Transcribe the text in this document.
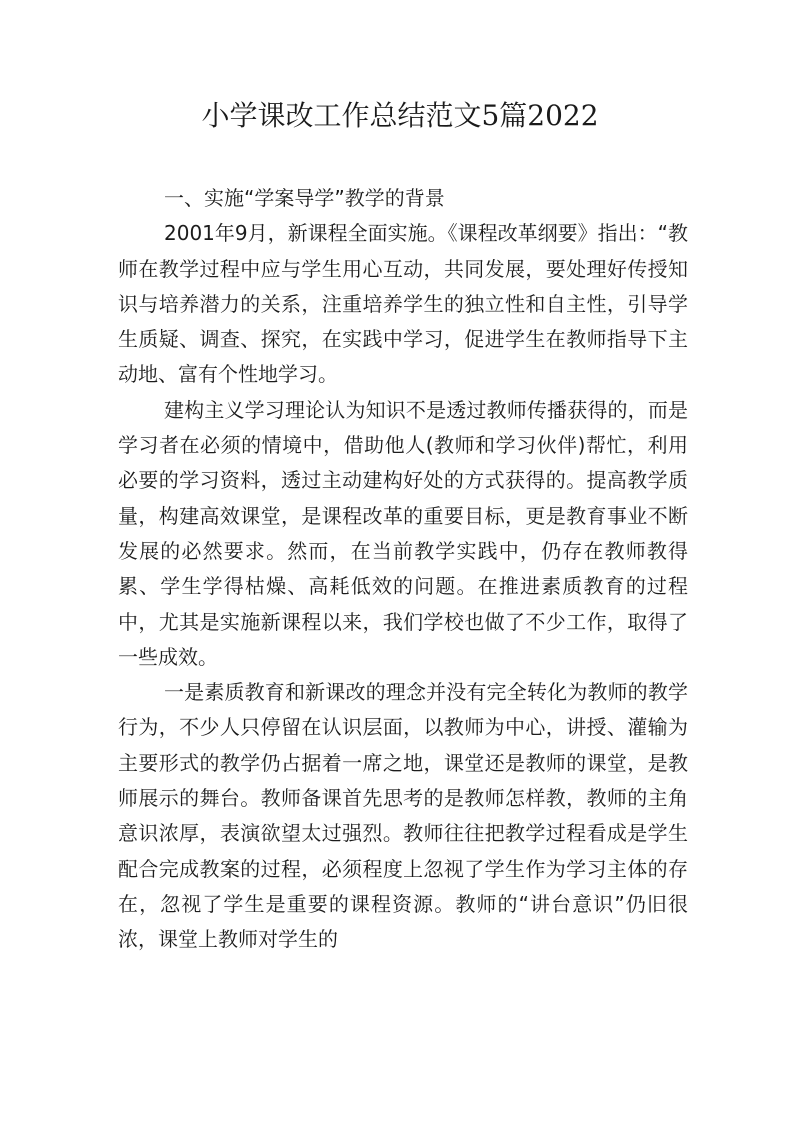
小学课改工作总结范文5篇2022

一、实施“学案导学”教学的背景

2001年9月，新课程全面实施。《课程改革纲要》指出：“教师在教学过程中应与学生用心互动，共同发展，要处理好传授知识与培养潜力的关系，注重培养学生的独立性和自主性，引导学生质疑、调查、探究，在实践中学习，促进学生在教师指导下主动地、富有个性地学习。

建构主义学习理论认为知识不是透过教师传播获得的，而是学习者在必须的情境中，借助他人(教师和学习伙伴)帮忙，利用必要的学习资料，透过主动建构好处的方式获得的。提高教学质量，构建高效课堂，是课程改革的重要目标，更是教育事业不断发展的必然要求。然而，在当前教学实践中，仍存在教师教得累、学生学得枯燥、高耗低效的问题。在推进素质教育的过程中，尤其是实施新课程以来，我们学校也做了不少工作，取得了一些成效。

一是素质教育和新课改的理念并没有完全转化为教师的教学行为，不少人只停留在认识层面，以教师为中心，讲授、灌输为主要形式的教学仍占据着一席之地，课堂还是教师的课堂，是教师展示的舞台。教师备课首先思考的是教师怎样教，教师的主角意识浓厚，表演欲望太过强烈。教师往往把教学过程看成是学生配合完成教案的过程，必须程度上忽视了学生作为学习主体的存在，忽视了学生是重要的课程资源。教师的“讲台意识”仍旧很浓，课堂上教师对学生的
